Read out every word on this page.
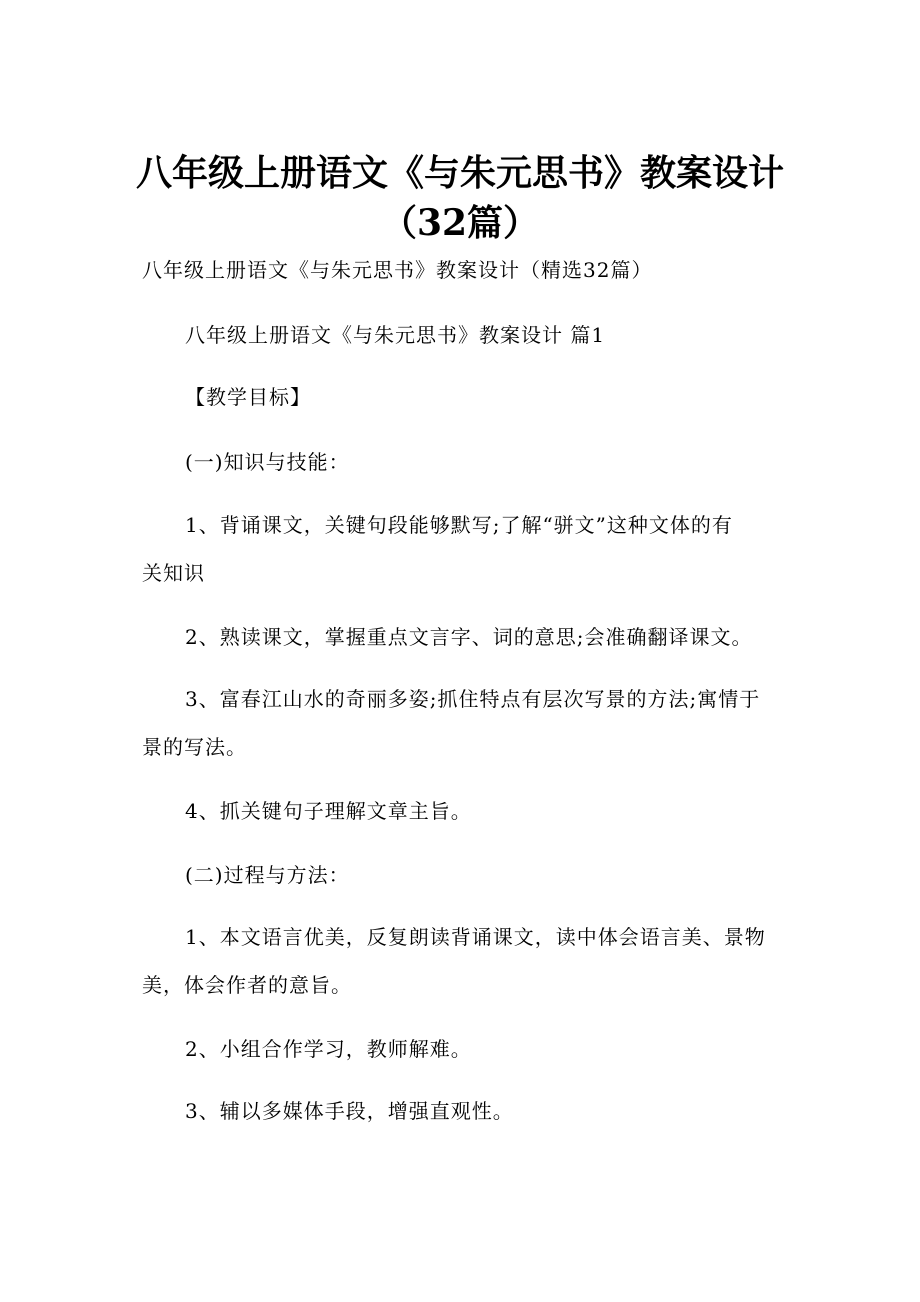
八年级上册语文《与朱元思书》教案设计
（32篇）
八年级上册语文《与朱元思书》教案设计（精选32篇）
八年级上册语文《与朱元思书》教案设计 篇1
【教学目标】
(一)知识与技能：
1、背诵课文，关键句段能够默写;了解“骈文”这种文体的有
关知识
2、熟读课文，掌握重点文言字、词的意思;会准确翻译课文。
3、富春江山水的奇丽多姿;抓住特点有层次写景的方法;寓情于
景的写法。
4、抓关键句子理解文章主旨。
(二)过程与方法：
1、本文语言优美，反复朗读背诵课文，读中体会语言美、景物
美，体会作者的意旨。
2、小组合作学习，教师解难。
3、辅以多媒体手段，增强直观性。
